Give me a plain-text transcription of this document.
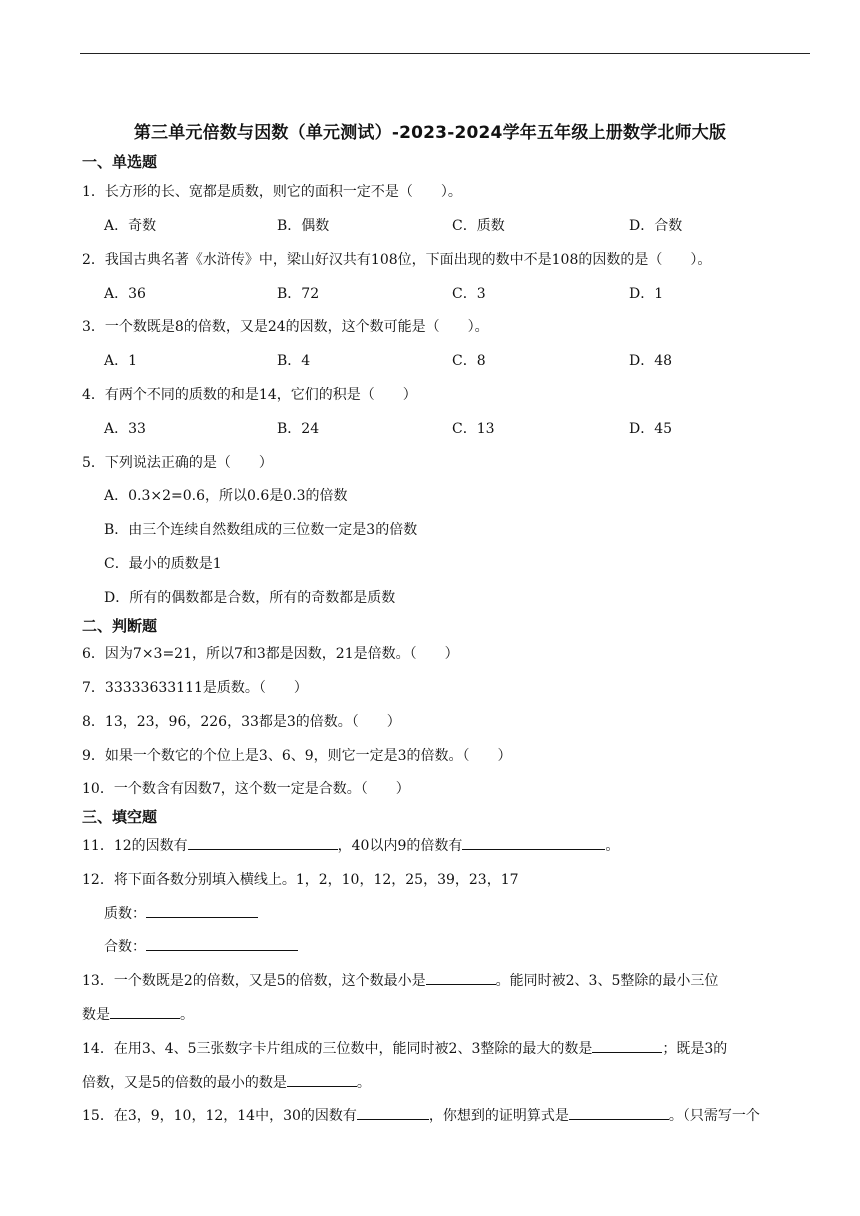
第三单元倍数与因数（单元测试）-2023-2024学年五年级上册数学北师大版
一、单选题
1．长方形的长、宽都是质数，则它的面积一定不是（　　）。
A．奇数	B．偶数	C．质数	D．合数
2．我国古典名著《水浒传》中，梁山好汉共有108位，下面出现的数中不是108的因数的是（　　）。
A．36	B．72	C．3	D．1
3．一个数既是8的倍数，又是24的因数，这个数可能是（　　）。
A．1	B．4	C．8	D．48
4．有两个不同的质数的和是14，它们的积是（　　）
A．33	B．24	C．13	D．45
5．下列说法正确的是（　　）
A．0.3×2=0.6，所以0.6是0.3的倍数
B．由三个连续自然数组成的三位数一定是3的倍数
C．最小的质数是1
D．所有的偶数都是合数，所有的奇数都是质数
二、判断题
6．因为7×3=21，所以7和3都是因数，21是倍数。（　　）
7．33333633111是质数。（　　）
8．13，23，96，226，33都是3的倍数。（　　）
9．如果一个数它的个位上是3、6、9，则它一定是3的倍数。（　　）
10．一个数含有因数7，这个数一定是合数。（　　）
三、填空题
11．12的因数有	，40以内9的倍数有	。
12．将下面各数分别填入横线上。1，2，10，12，25，39，23，17
质数：
合数：
13．一个数既是2的倍数，又是5的倍数，这个数最小是	。能同时被2、3、5整除的最小三位
数是	。
14．在用3、4、5三张数字卡片组成的三位数中，能同时被2、3整除的最大的数是	；既是3的
倍数，又是5的倍数的最小的数是	。
15．在3，9，10，12，14中，30的因数有	，你想到的证明算式是	。（只需写一个
